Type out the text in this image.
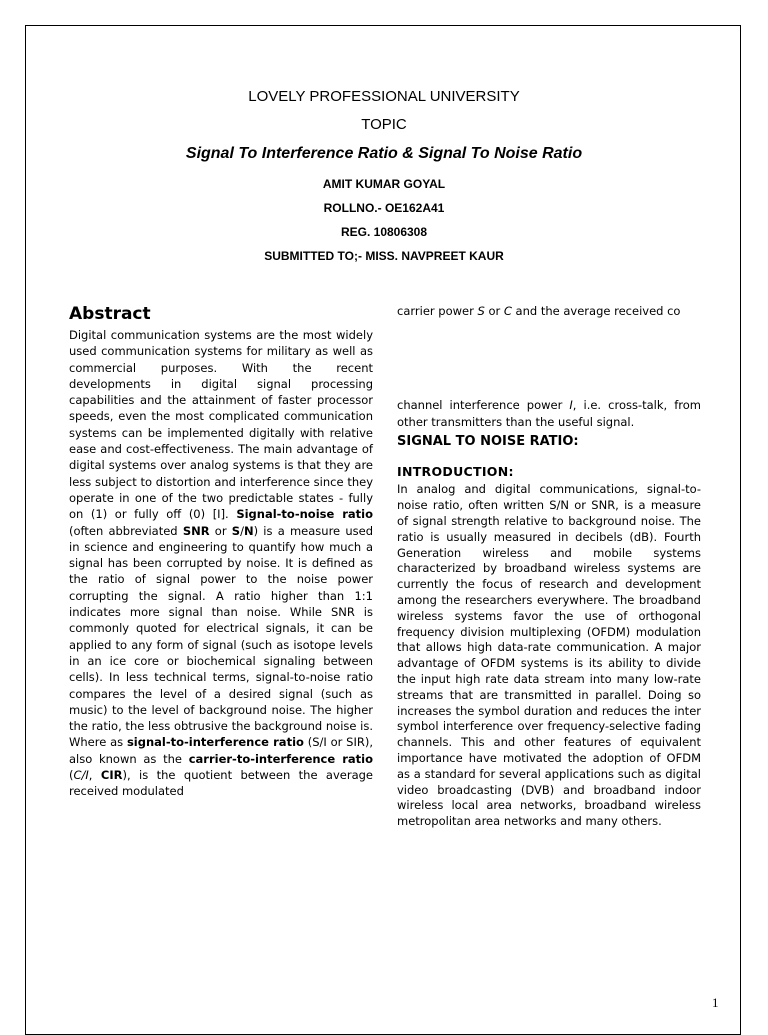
LOVELY PROFESSIONAL UNIVERSITY
TOPIC
Signal To Interference Ratio & Signal To Noise Ratio
AMIT KUMAR GOYAL
ROLLNO.- OE162A41
REG. 10806308
SUBMITTED TO;- MISS. NAVPREET KAUR
Abstract

Digital communication systems are the most widely used communication systems for military as well as commercial purposes. With the recent developments in digital signal processing capabilities and the attainment of faster processor speeds, even the most complicated communication systems can be implemented digitally with relative ease and cost-effectiveness. The main advantage of digital systems over analog systems is that they are less subject to distortion and interference since they operate in one of the two predictable states - fully on (1) or fully off (0) [I]. Signal-to-noise ratio (often abbreviated SNR or S/N) is a measure used in science and engineering to quantify how much a signal has been corrupted by noise. It is defined as the ratio of signal power to the noise power corrupting the signal. A ratio higher than 1:1 indicates more signal than noise. While SNR is commonly quoted for electrical signals, it can be applied to any form of signal (such as isotope levels in an ice core or biochemical signaling between cells). In less technical terms, signal-to-noise ratio compares the level of a desired signal (such as music) to the level of background noise. The higher the ratio, the less obtrusive the background noise is. Where as signal-to-interference ratio (S/I or SIR), also known as the carrier-to-interference ratio (C/I, CIR), is the quotient between the average received modulated

carrier power S or C and the average received co

channel interference power I, i.e. cross-talk, from other transmitters than the useful signal.

SIGNAL TO NOISE RATIO:
INTRODUCTION:

In analog and digital communications, signal-to-noise ratio, often written S/N or SNR, is a measure of signal strength relative to background noise. The ratio is usually measured in decibels (dB). Fourth Generation wireless and mobile systems characterized by broadband wireless systems are currently the focus of research and development among the researchers everywhere. The broadband wireless systems favor the use of orthogonal frequency division multiplexing (OFDM) modulation that allows high data-rate communication. A major advantage of OFDM systems is its ability to divide the input high rate data stream into many low-rate streams that are transmitted in parallel. Doing so increases the symbol duration and reduces the inter symbol interference over frequency-selective fading channels. This and other features of equivalent importance have motivated the adoption of OFDM as a standard for several applications such as digital video broadcasting (DVB) and broadband indoor wireless local area networks, broadband wireless metropolitan area networks and many others.

1
